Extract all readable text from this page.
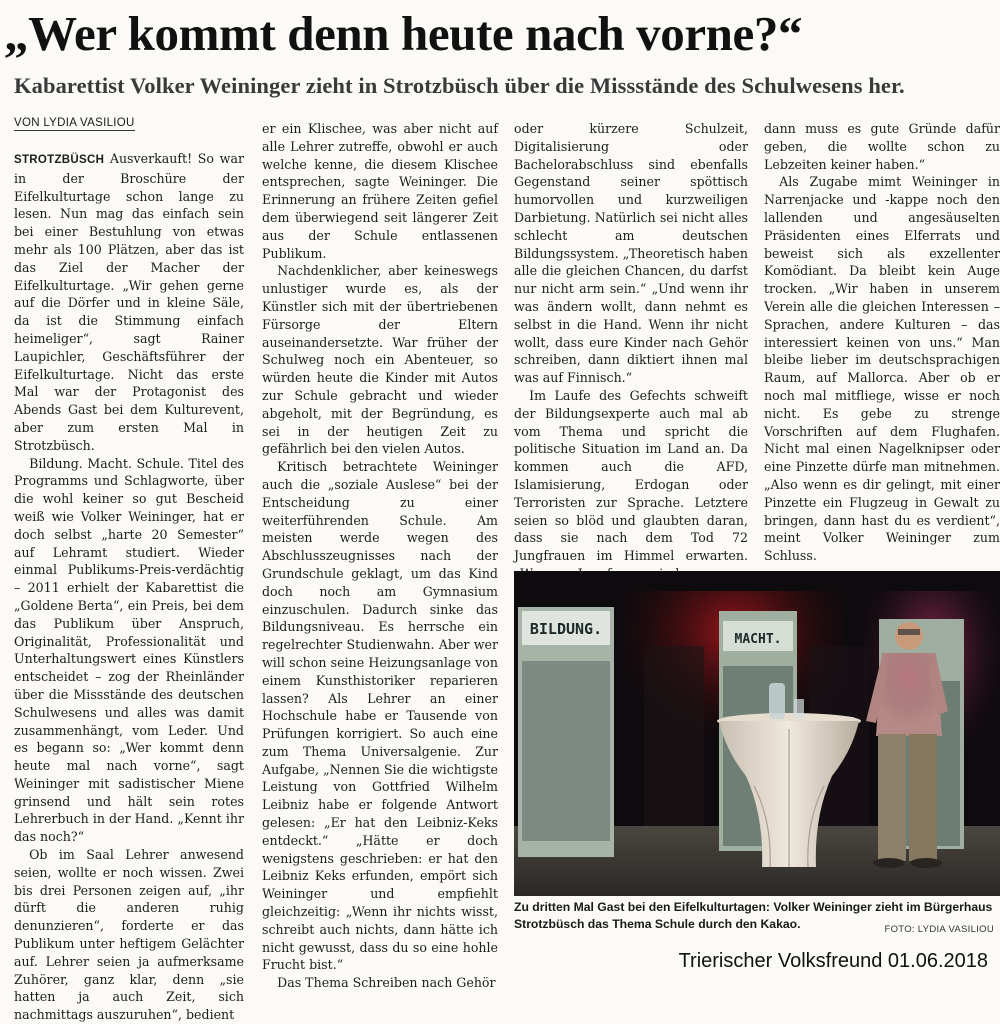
„Wer kommt denn heute nach vorne?“
Kabarettist Volker Weininger zieht in Strotzbüsch über die Missstände des Schulwesens her.
VON LYDIA VASILIOU

STROTZBÜSCH Ausverkauft! So war in der Broschüre der Eifelkulturtage schon lange zu lesen. Nun mag das einfach sein bei einer Bestuhlung von etwas mehr als 100 Plätzen, aber das ist das Ziel der Macher der Eifelkulturtage. „Wir gehen gerne auf die Dörfer und in kleine Säle, da ist die Stimmung einfach heimeliger“, sagt Rainer Laupichler, Geschäftsführer der Eifelkulturtage. Nicht das erste Mal war der Protagonist des Abends Gast bei dem Kulturevent, aber zum ersten Mal in Strotzbüsch.

Bildung. Macht. Schule. Titel des Programms und Schlagworte, über die wohl keiner so gut Bescheid weiß wie Volker Weininger, hat er doch selbst „harte 20 Semester“ auf Lehramt studiert. Wieder einmal Publikums-Preis-verdächtig – 2011 erhielt der Kabarettist die „Goldene Berta“, ein Preis, bei dem das Publikum über Anspruch, Originalität, Professionalität und Unterhaltungswert eines Künstlers entscheidet – zog der Rheinländer über die Missstände des deutschen Schulwesens und alles was damit zusammenhängt, vom Leder. Und es begann so: „Wer kommt denn heute mal nach vorne“, sagt Weininger mit sadistischer Miene grinsend und hält sein rotes Lehrerbuch in der Hand. „Kennt ihr das noch?“

Ob im Saal Lehrer anwesend seien, wollte er noch wissen. Zwei bis drei Personen zeigen auf, „ihr dürft die anderen ruhig denunzieren“, forderte er das Publikum unter heftigem Gelächter auf. Lehrer seien ja aufmerksame Zuhörer, ganz klar, denn „sie hatten ja auch Zeit, sich nachmittags auszuruhen“, bedient

er ein Klischee, was aber nicht auf alle Lehrer zutreffe, obwohl er auch welche kenne, die diesem Klischee entsprechen, sagte Weininger. Die Erinnerung an frühere Zeiten gefiel dem überwiegend seit längerer Zeit aus der Schule entlassenen Publikum.

Nachdenklicher, aber keineswegs unlustiger wurde es, als der Künstler sich mit der übertriebenen Fürsorge der Eltern auseinandersetzte. War früher der Schulweg noch ein Abenteuer, so würden heute die Kinder mit Autos zur Schule gebracht und wieder abgeholt, mit der Begründung, es sei in der heutigen Zeit zu gefährlich bei den vielen Autos.

Kritisch betrachtete Weininger auch die „soziale Auslese“ bei der Entscheidung zu einer weiterführenden Schule. Am meisten werde wegen des Abschlusszeugnisses nach der Grundschule geklagt, um das Kind doch noch am Gymnasium einzuschulen. Dadurch sinke das Bildungsniveau. Es herrsche ein regelrechter Studienwahn. Aber wer will schon seine Heizungsanlage von einem Kunsthistoriker reparieren lassen? Als Lehrer an einer Hochschule habe er Tausende von Prüfungen korrigiert. So auch eine zum Thema Universalgenie. Zur Aufgabe, „Nennen Sie die wichtigste Leistung von Gottfried Wilhelm Leibniz habe er folgende Antwort gelesen: „Er hat den Leibniz-Keks entdeckt.“ „Hätte er doch wenigstens geschrieben: er hat den Leibniz Keks erfunden, empört sich Weininger und empfiehlt gleichzeitig: „Wenn ihr nichts wisst, schreibt auch nichts, dann hätte ich nicht gewusst, dass du so eine hohle Frucht bist.“

Das Thema Schreiben nach Gehör

oder kürzere Schulzeit, Digitalisierung oder Bachelorabschluss sind ebenfalls Gegenstand seiner spöttisch humorvollen und kurzweiligen Darbietung. Natürlich sei nicht alles schlecht am deutschen Bildungssystem. „Theoretisch haben alle die gleichen Chancen, du darfst nur nicht arm sein.“ „Und wenn ihr was ändern wollt, dann nehmt es selbst in die Hand. Wenn ihr nicht wollt, dass eure Kinder nach Gehör schreiben, dann diktiert ihnen mal was auf Finnisch.“

Im Laufe des Gefechts schweift der Bildungsexperte auch mal ab vom Thema und spricht die politische Situation im Land an. Da kommen auch die AFD, Islamisierung, Erdogan oder Terroristen zur Sprache. Letztere seien so blöd und glaubten daran, dass sie nach dem Tod 72 Jungfrauen im Himmel erwarten.

dann muss es gute Gründe dafür geben, die wollte schon zu Lebzeiten keiner haben.“

Als Zugabe mimt Weininger in Narrenjacke und -kappe noch den lallenden und angesäuselten Präsidenten eines Elferrats und beweist sich als exzellenter Komödiant. Da bleibt kein Auge trocken. „Wir haben in unserem Verein alle die gleichen Interessen – Sprachen, andere Kulturen – das interessiert keinen von uns.“ Man bleibe lieber im deutschsprachigen Raum, auf Mallorca. Aber ob er noch mal mitfliege, wisse er noch nicht. Es gebe zu strenge Vorschriften auf dem Flughafen. Nicht mal einen Nagelknipser oder eine Pinzette dürfe man mitnehmen. „Also wenn es dir gelingt, mit einer Pinzette ein Flugzeug in Gewalt zu bringen, dann hast du es verdient“, meint Volker Weininger zum Schluss.

BILDUNG.
MACHT.
Zu dritten Mal Gast bei den Eifelkulturtagen: Volker Weininger zieht im Bürgerhaus Strotzbüsch das Thema Schule durch den Kakao.	FOTO: LYDIA VASILIOU
Trierischer Volksfreund 01.06.2018
